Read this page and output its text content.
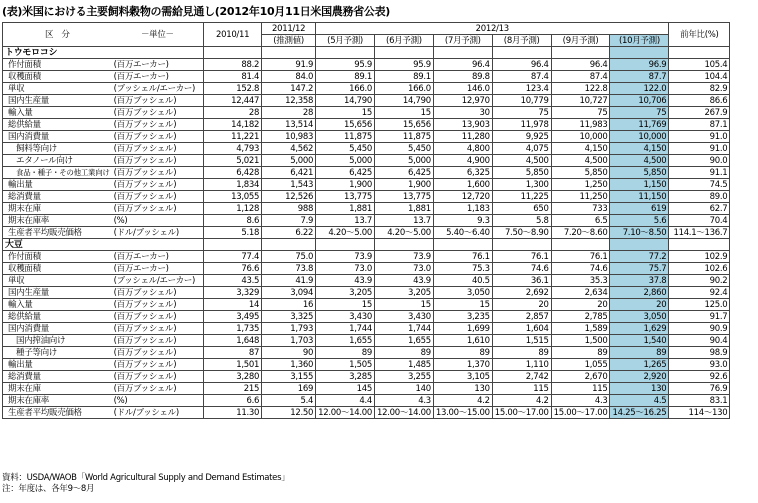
(表)米国における主要飼料穀物の需給見通し(2012年10月11日米国農務省公表)
区　分	－単位－	2010/11	2011/12	2012/13						前年比(%)
			(推測値)	(5月予測)	(6月予測)	(7月予測)	(8月予測)	(9月予測)	(10月予測)	
トウモロコシ										
作付面積	(百万エーカー)	88.2	91.9	95.9	95.9	96.4	96.4	96.4	96.9	105.4
収穫面積	(百万エーカー)	81.4	84.0	89.1	89.1	89.8	87.4	87.4	87.7	104.4
単収	(ブッシェル/エーカー)	152.8	147.2	166.0	166.0	146.0	123.4	122.8	122.0	82.9
国内生産量	(百万ブッシェル)	12,447	12,358	14,790	14,790	12,970	10,779	10,727	10,706	86.6
輸入量	(百万ブッシェル)	28	28	15	15	30	75	75	75	267.9
総供給量	(百万ブッシェル)	14,182	13,514	15,656	15,656	13,903	11,978	11,983	11,769	87.1
国内消費量	(百万ブッシェル)	11,221	10,983	11,875	11,875	11,280	9,925	10,000	10,000	91.0
飼料等向け	(百万ブッシェル)	4,793	4,562	5,450	5,450	4,800	4,075	4,150	4,150	91.0
エタノール向け	(百万ブッシェル)	5,021	5,000	5,000	5,000	4,900	4,500	4,500	4,500	90.0
食品・種子・その他工業向け	(百万ブッシェル)	6,428	6,421	6,425	6,425	6,325	5,850	5,850	5,850	91.1
輸出量	(百万ブッシェル)	1,834	1,543	1,900	1,900	1,600	1,300	1,250	1,150	74.5
総消費量	(百万ブッシェル)	13,055	12,526	13,775	13,775	12,720	11,225	11,250	11,150	89.0
期末在庫	(百万ブッシェル)	1,128	988	1,881	1,881	1,183	650	733	619	62.7
期末在庫率	(%)	8.6	7.9	13.7	13.7	9.3	5.8	6.5	5.6	70.4
生産者平均販売価格	(ドル/ブッシェル)	5.18	6.22	4.20～5.00	4.20～5.00	5.40～6.40	7.50～8.90	7.20～8.60	7.10～8.50	114.1～136.7
大豆										
作付面積	(百万エーカー)	77.4	75.0	73.9	73.9	76.1	76.1	76.1	77.2	102.9
収穫面積	(百万エーカー)	76.6	73.8	73.0	73.0	75.3	74.6	74.6	75.7	102.6
単収	(ブッシェル/エーカー)	43.5	41.9	43.9	43.9	40.5	36.1	35.3	37.8	90.2
国内生産量	(百万ブッシェル)	3,329	3,094	3,205	3,205	3,050	2,692	2,634	2,860	92.4
輸入量	(百万ブッシェル)	14	16	15	15	15	20	20	20	125.0
総供給量	(百万ブッシェル)	3,495	3,325	3,430	3,430	3,235	2,857	2,785	3,050	91.7
国内消費量	(百万ブッシェル)	1,735	1,793	1,744	1,744	1,699	1,604	1,589	1,629	90.9
国内搾油向け	(百万ブッシェル)	1,648	1,703	1,655	1,655	1,610	1,515	1,500	1,540	90.4
種子等向け	(百万ブッシェル)	87	90	89	89	89	89	89	89	98.9
輸出量	(百万ブッシェル)	1,501	1,360	1,505	1,485	1,370	1,110	1,055	1,265	93.0
総消費量	(百万ブッシェル)	3,280	3,155	3,285	3,255	3,105	2,742	2,670	2,920	92.6
期末在庫	(百万ブッシェル)	215	169	145	140	130	115	115	130	76.9
期末在庫率	(%)	6.6	5.4	4.4	4.3	4.2	4.2	4.3	4.5	83.1
生産者平均販売価格	(ドル/ブッシェル)	11.30	12.50	12.00～14.00	12.00～14.00	13.00～15.00	15.00～17.00	15.00～17.00	14.25～16.25	114～130
資料：USDA/WAOB「World Agricultural Supply and Demand Estimates」
注：年度は、各年9～8月
